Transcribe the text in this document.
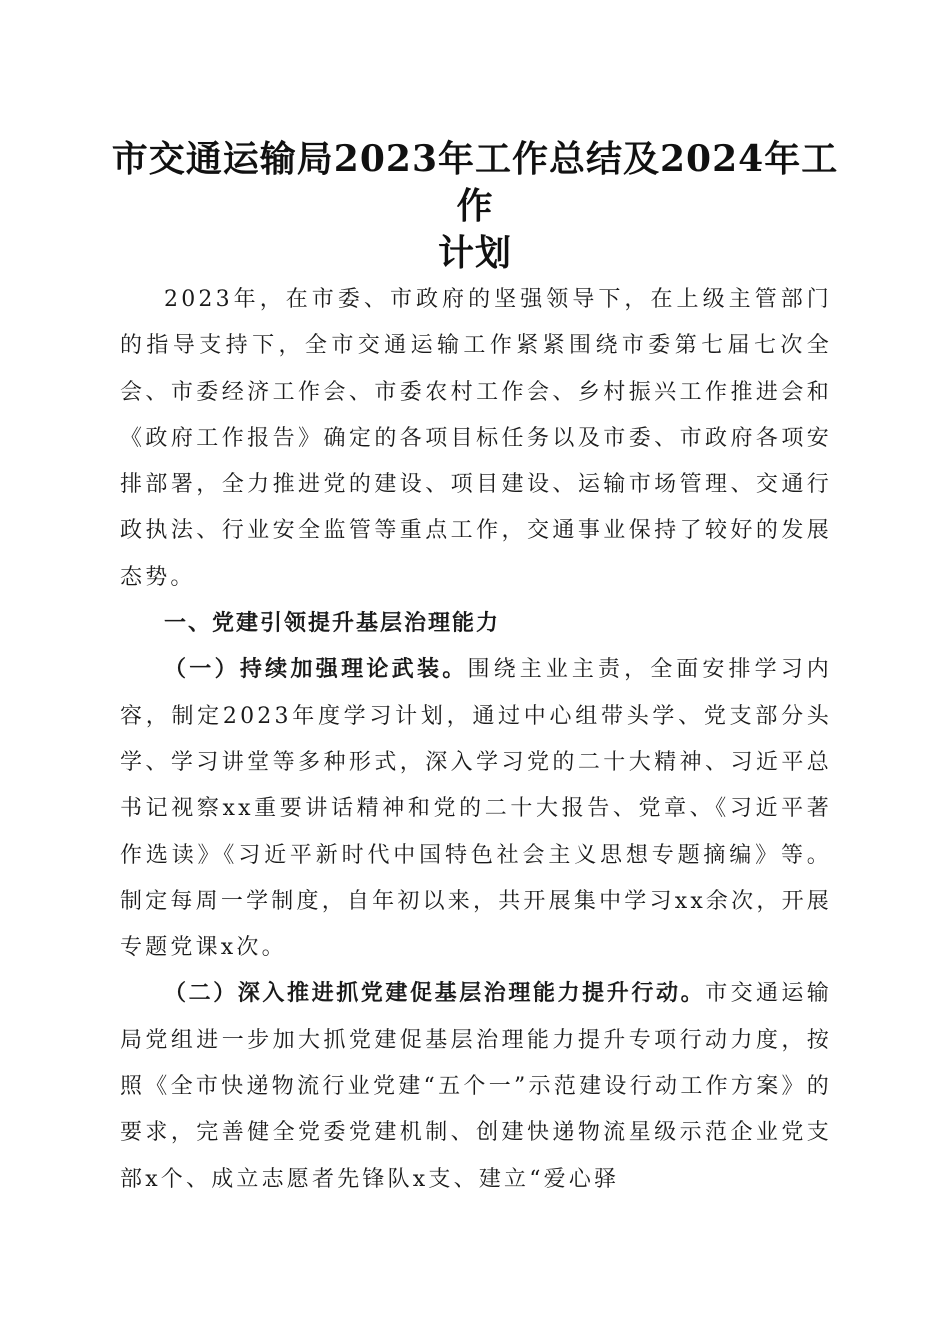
市交通运输局2023年工作总结及2024年工作
计划

2023年，在市委、市政府的坚强领导下，在上级主管部门的指导支持下，全市交通运输工作紧紧围绕市委第七届七次全会、市委经济工作会、市委农村工作会、乡村振兴工作推进会和《政府工作报告》确定的各项目标任务以及市委、市政府各项安排部署，全力推进党的建设、项目建设、运输市场管理、交通行政执法、行业安全监管等重点工作，交通事业保持了较好的发展态势。

一、党建引领提升基层治理能力

（一）持续加强理论武装。围绕主业主责，全面安排学习内容，制定2023年度学习计划，通过中心组带头学、党支部分头学、学习讲堂等多种形式，深入学习党的二十大精神、习近平总书记视察xx重要讲话精神和党的二十大报告、党章、《习近平著作选读》《习近平新时代中国特色社会主义思想专题摘编》等。制定每周一学制度，自年初以来，共开展集中学习xx余次，开展专题党课x次。

（二）深入推进抓党建促基层治理能力提升行动。市交通运输局党组进一步加大抓党建促基层治理能力提升专项行动力度，按照《全市快递物流行业党建“五个一”示范建设行动工作方案》的要求，完善健全党委党建机制、创建快递物流星级示范企业党支部x个、成立志愿者先锋队x支、建立“爱心驿
